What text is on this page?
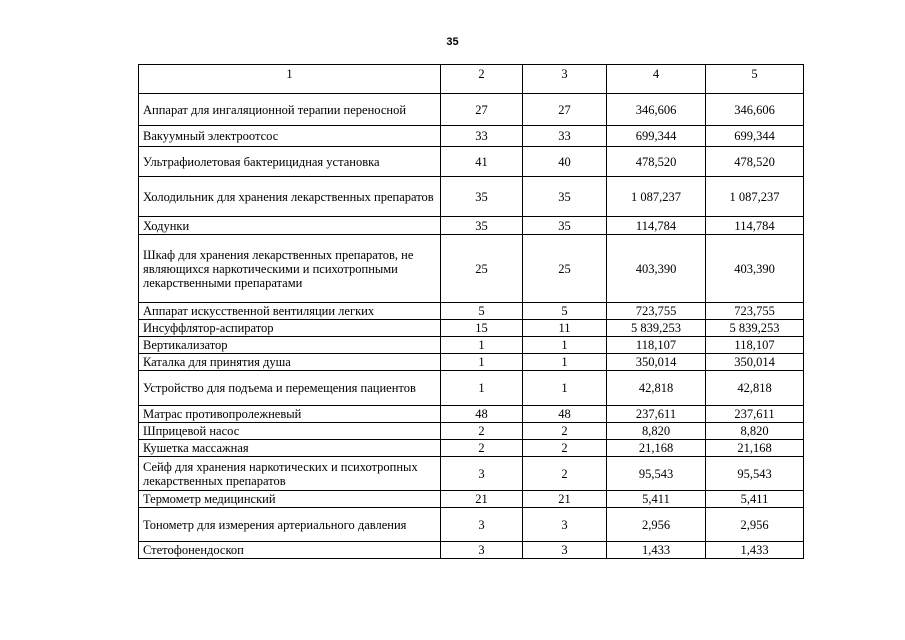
35
1	2	3	4	5
Аппарат для ингаляционной терапии переносной	27	27	346,606	346,606
Вакуумный электроотсос	33	33	699,344	699,344
Ультрафиолетовая бактерицидная установка	41	40	478,520	478,520
Холодильник для хранения лекарственных препаратов	35	35	1 087,237	1 087,237
Ходунки	35	35	114,784	114,784
Шкаф для хранения лекарственных препаратов, не являющихся наркотическими и психотропными лекарственными препаратами	25	25	403,390	403,390
Аппарат искусственной вентиляции легких	5	5	723,755	723,755
Инсуффлятор-аспиратор	15	11	5 839,253	5 839,253
Вертикализатор	1	1	118,107	118,107
Каталка для принятия душа	1	1	350,014	350,014
Устройство для подъема и перемещения пациентов	1	1	42,818	42,818
Матрас противопролежневый	48	48	237,611	237,611
Шприцевой насос	2	2	8,820	8,820
Кушетка массажная	2	2	21,168	21,168
Сейф для хранения наркотических и психотропных лекарственных препаратов	3	2	95,543	95,543
Термометр медицинский	21	21	5,411	5,411
Тонометр для измерения артериального давления	3	3	2,956	2,956
Стетофонендоскоп	3	3	1,433	1,433
